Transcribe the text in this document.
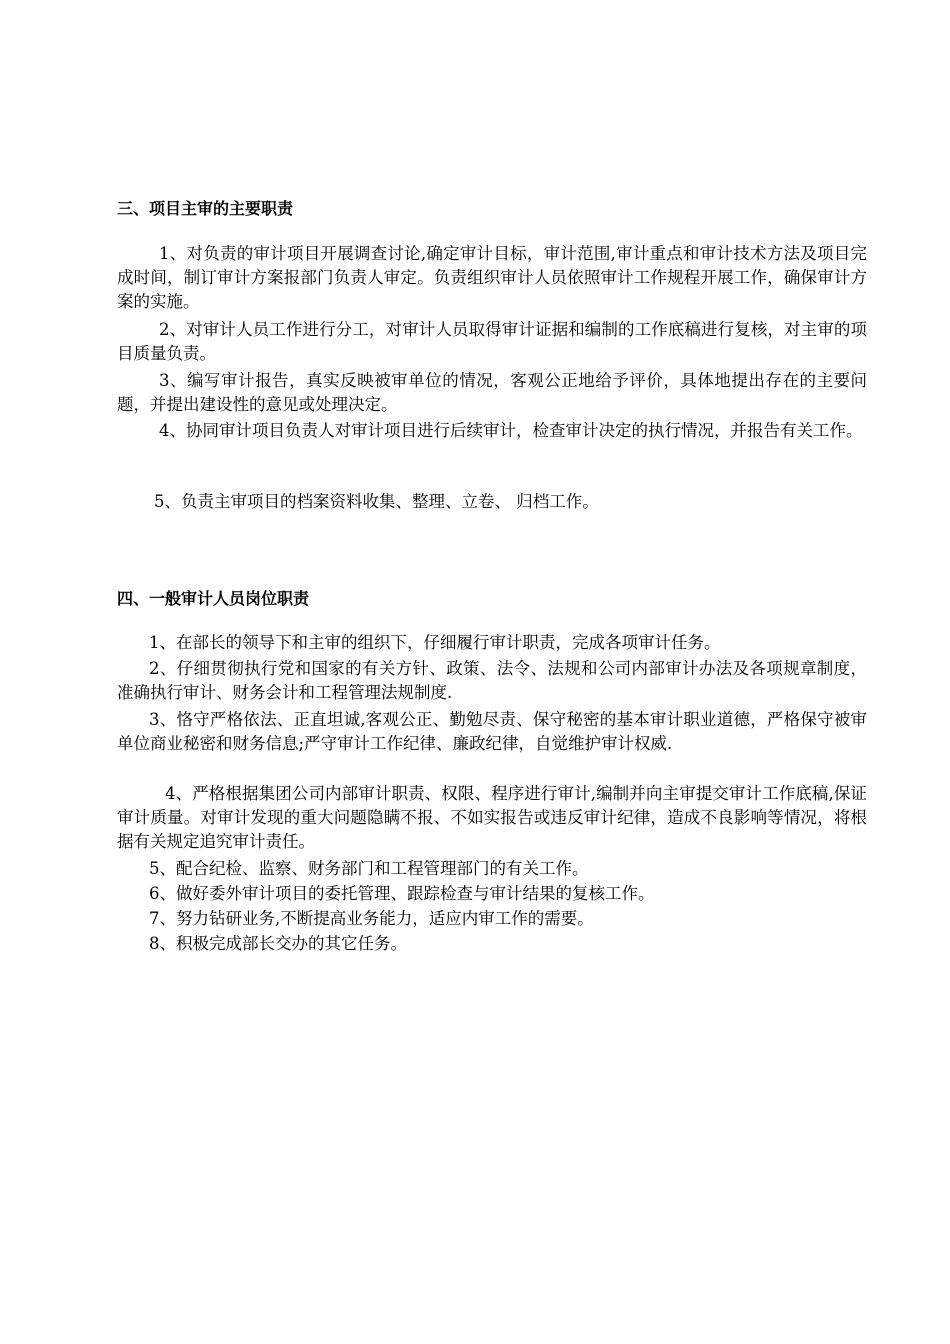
三、项目主审的主要职责

1、对负责的审计项目开展调查讨论,确定审计目标，审计范围,审计重点和审计技术方法及项目完成时间，制订审计方案报部门负责人审定。负责组织审计人员依照审计工作规程开展工作，确保审计方案的实施。

2、对审计人员工作进行分工，对审计人员取得审计证据和编制的工作底稿进行复核，对主审的项目质量负责。

3、编写审计报告，真实反映被审单位的情况，客观公正地给予评价，具体地提出存在的主要问题，并提出建设性的意见或处理决定。

4、协同审计项目负责人对审计项目进行后续审计，检查审计决定的执行情况，并报告有关工作。

5、负责主审项目的档案资料收集、整理、立卷、 归档工作。

四、一般审计人员岗位职责

1、在部长的领导下和主审的组织下，仔细履行审计职责，完成各项审计任务。

2、仔细贯彻执行党和国家的有关方针、政策、法令、法规和公司内部审计办法及各项规章制度，准确执行审计、财务会计和工程管理法规制度.

3、恪守严格依法、正直坦诚,客观公正、勤勉尽责、保守秘密的基本审计职业道德，严格保守被审单位商业秘密和财务信息;严守审计工作纪律、廉政纪律，自觉维护审计权威.

4、严格根据集团公司内部审计职责、权限、程序进行审计,编制并向主审提交审计工作底稿,保证审计质量。对审计发现的重大问题隐瞒不报、不如实报告或违反审计纪律，造成不良影响等情况，将根据有关规定追究审计责任。

5、配合纪检、监察、财务部门和工程管理部门的有关工作。

6、做好委外审计项目的委托管理、跟踪检查与审计结果的复核工作。

7、努力钻研业务,不断提高业务能力，适应内审工作的需要。

8、积极完成部长交办的其它任务。
